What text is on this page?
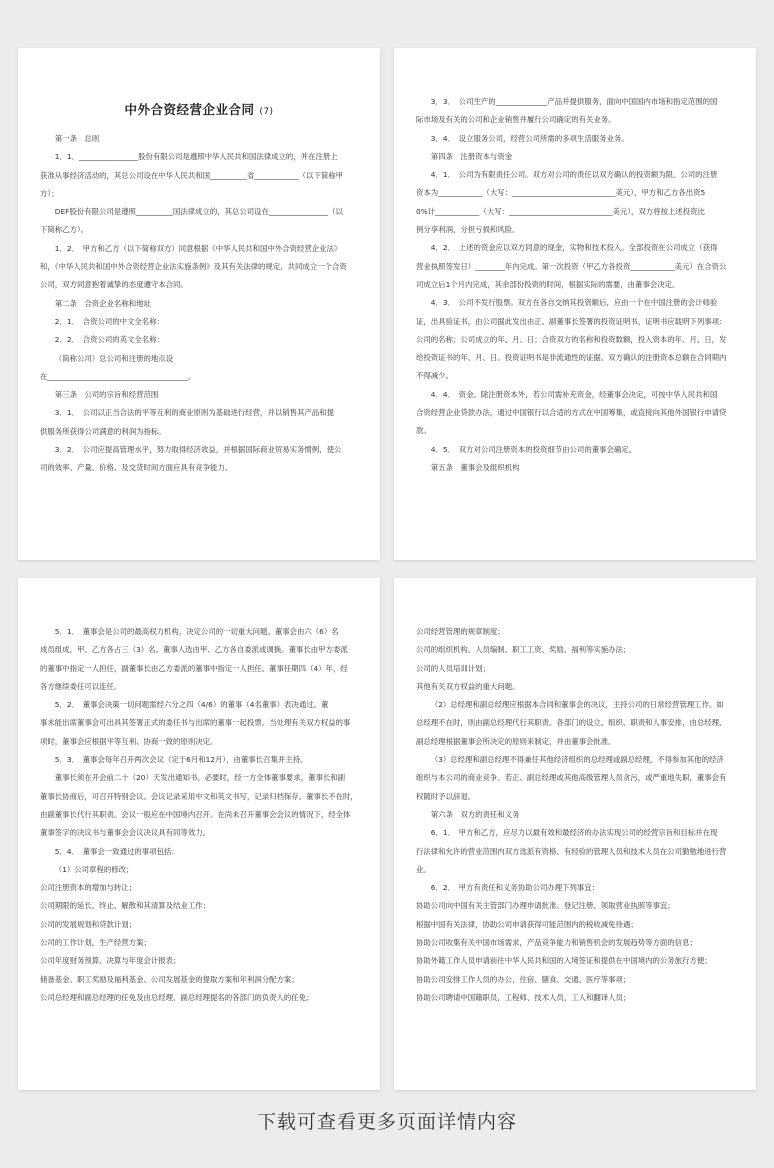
中外合资经营企业合同 (7)
第一条　总则
1．1．________________股份有限公司是遵照中华人民共和国法律成立的，并在注册上
获准从事经济活动的，其总公司设在中华人民共和国__________省____________（以下简称甲
方）；
DEF股份有限公司是遵照__________国法律成立的，其总公司设在________________（以
下简称乙方）。
1．2．　甲方和乙方（以下简称双方）同意根据《中华人民共和国中外合资经营企业法》
和，《中华人民共和国中外合资经营企业法实施条例》及其有关法律的规定，共同成立一个合资
公司，双方同意抱着诚挚的态度遵守本合同。
第二条　合资企业名称和地址
2．1．　合资公司的中文全名称：
2．2．　合资公司的英文全名称：
（简称公司）总公司和注册的地点设
在______________________________________。
第三条　公司的宗旨和经营范围
3．1．　公司以正当合法的平等互利的商业原则为基础进行经营，并以销售其产品和提
供服务所获得公司满意的利润为指标。
3．2．　公司应提高管理水平，努力取得经济效益，并根据国际商业贸易实务惯例，使公
司的效率、产量、价格、及交货时间方面应具有竞争能力。
3．3．　公司生产的______________产品并提供服务，面向中国国内市场和指定范围的国
际市场及有关的公司和企业销售并履行公司确定的有关业务。
3．4．　设立服务公司，经营公司所需的多项生活服务业务。
第四条　注册资本与资金
4．1．　公司为有限责任公司。双方对公司的责任以双方确认的投资额为限。公司的注册
资本为____________（大写：____________________________美元），甲方和乙方各出资5
0%计____________（大写：____________________________美元），双方将按上述投资比
例分享利润，分担亏损和风险。
4．2．　上述的资金应以双方同意的现金，实物和技术投入。全部投资在公司成立（获得
营业执照签发日）________年内完成。第一次投资（甲乙方各投资____________美元）在合资公
司成立后1个月内完成，其余部份投资的时间，根据实际的需要，由董事会决定。
4．3．　公司不发行股票。双方在各自交纳其投资额后，应由一个在中国注册的会计师验
证，出具验证书，由公司据此发出由正、副董事长签署的投资证明书，证明书应载明下列事项：
公司的名称；公司成立的年、月、日；合资双方的名称和投资数额，投入资本的年、月、日，发
给投资证书的年、月、日。投资证明书是非流通性的证据。双方确认的注册资本总额在合同期内
不得减少。
4．4．　资金。除注册资本外，若公司需补充资金，经董事会决定，可按中华人民共和国
合资经营企业贷款办法，通过中国银行以合适的方式在中国筹集，或直接向其他外国银行申请贷
款。
4．5．　双方对公司注册资本的投资细节由公司的董事会确定。
第五条　董事会及组织机构
5．1．　董事会是公司的最高权力机构，决定公司的一切重大问题。董事会由六（6）名
成员组成，甲、乙方各占三（3）名。董事人选由甲、乙方各自委派或调换。董事长由甲方委派
的董事中指定一人担任，副董事长由乙方委派的董事中指定一人担任。董事任期四（4）年，经
各方继续委任可以连任。
5．2．　董事会决策一切问题需经六分之四（4/6）的董事（4名董事）表决通过。董
事未能出席董事会可出具其签署正式的委任书与出席的董事一起投票。当处理有关双方权益的事
项时，董事会应根据平等互利、协商一致的原则决定。
5．3．　董事会每年召开两次会议（定于6月和12月），由董事长召集并主持。
董事长须在开会前二十（20）天发出通知书。必要时，经一方全体董事要求，董事长和副
董事长协商后，可召开特别会议。会议记录采用中文和英文书写，记录归档保存。董事长不在时，
由副董事长代行其职责。会议一般应在中国境内召开。在尚未召开董事会会议的情况下，经全体
董事签字的决议书与董事会会议决议具有同等效力。
5．4．　董事会一致通过的事项包括：
（1）公司章程的修改；
公司注册资本的增加与转让；
公司期限的延长、终止、解散和其清算及结业工作；
公司的发展规划和贷款计划；
公司的工作计划，生产经营方案；
公司年度财务预算、决算与年度会计报表；
储备基金、职工奖励及福利基金、公司发展基金的提取方案和年利润分配方案；
公司总经理和副总经理的任免及由总经理、副总经理提名的各部门的负责人的任免；
公司经营管理的规章制度；
公司的组织机构、人员编制、职工工资、奖励、福利等实施办法；
公司的人员培训计划；
其他有关双方权益的重大问题。
（2）总经理和副总经理应根据本合同和董事会的决议，主持公司的日常经营管理工作。如
总经理不在时，则由副总经理代行其职责。各部门的设立、组织、职责和人事安排，由总经理、
副总经理根据董事会所决定的原则来制定，并由董事会批准。
（3）总经理和副总经理不得兼任其他经济组织的总经理或副总经理，不得参加其他的经济
组织与本公司的商业竞争。若正、副总经理或其他高级管理人员贪污，或严重地失职，董事会有
权随时予以辞退。
第六条　双方的责任和义务
6．1．　甲方和乙方，应尽力以最有效和最经济的办法实现公司的经营宗旨和目标并在现
行法律和允许的营业范围内双方选派有资格、有经验的管理人员和技术人员在公司勤勉地进行营
业。
6．2．　甲方有责任和义务协助公司办理下列事宜：
协助公司向中国有关主管部门办理申请批准、登记注册、领取营业执照等事宜；
根据中国有关法律，协助公司申请获得可能范围内的税收减免待遇；
协助公司收集有关中国市场需求，产品竞争能力和销售机会的发展趋势等方面的信息；
协助外籍工作人员申请前往中华人民共和国的入境签证和提供在中国境内的公务旅行方便；
协助公司安排工作人员的办公、住宿、膳食、交通、医疗等事项；
协助公司聘请中国籍职员，工程师、技术人员，工人和翻译人员；
下载可查看更多页面详情内容
